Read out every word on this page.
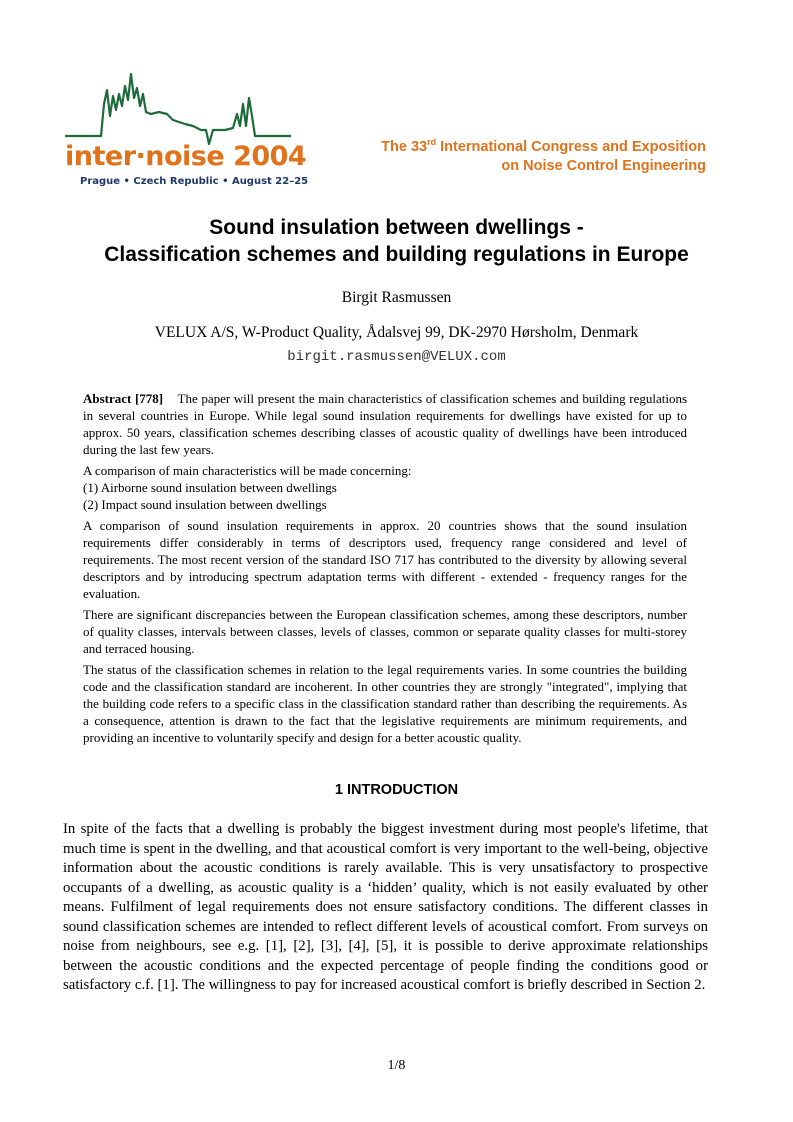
inter·noise 2004
Prague • Czech Republic • August 22–25
The 33rd International Congress and Exposition
on Noise Control Engineering
Sound insulation between dwellings -
Classification schemes and building regulations in Europe
Birgit Rasmussen
VELUX A/S, W-Product Quality, Ådalsvej 99, DK-2970 Hørsholm, Denmark
birgit.rasmussen@VELUX.com

Abstract [778] The paper will present the main characteristics of classification schemes and building regulations in several countries in Europe. While legal sound insulation requirements for dwellings have existed for up to approx. 50 years, classification schemes describing classes of acoustic quality of dwellings have been introduced during the last few years.

A comparison of main characteristics will be made concerning:
(1) Airborne sound insulation between dwellings
(2) Impact sound insulation between dwellings

A comparison of sound insulation requirements in approx. 20 countries shows that the sound insulation requirements differ considerably in terms of descriptors used, frequency range considered and level of requirements. The most recent version of the standard ISO 717 has contributed to the diversity by allowing several descriptors and by introducing spectrum adaptation terms with different - extended - frequency ranges for the evaluation.

There are significant discrepancies between the European classification schemes, among these descriptors, number of quality classes, intervals between classes, levels of classes, common or separate quality classes for multi-storey and terraced housing.

The status of the classification schemes in relation to the legal requirements varies. In some countries the building code and the classification standard are incoherent. In other countries they are strongly "integrated", implying that the building code refers to a specific class in the classification standard rather than describing the requirements. As a consequence, attention is drawn to the fact that the legislative requirements are minimum requirements, and providing an incentive to voluntarily specify and design for a better acoustic quality.

1 INTRODUCTION

In spite of the facts that a dwelling is probably the biggest investment during most people's lifetime, that much time is spent in the dwelling, and that acoustical comfort is very important to the well-being, objective information about the acoustic conditions is rarely available. This is very unsatisfactory to prospective occupants of a dwelling, as acoustic quality is a ‘hidden’ quality, which is not easily evaluated by other means. Fulfilment of legal requirements does not ensure satisfactory conditions. The different classes in sound classification schemes are intended to reflect different levels of acoustical comfort. From surveys on noise from neighbours, see e.g. [1], [2], [3], [4], [5], it is possible to derive approximate relationships between the acoustic conditions and the expected percentage of people finding the conditions good or satisfactory c.f. [1]. The willingness to pay for increased acoustical comfort is briefly described in Section 2.

1/8
